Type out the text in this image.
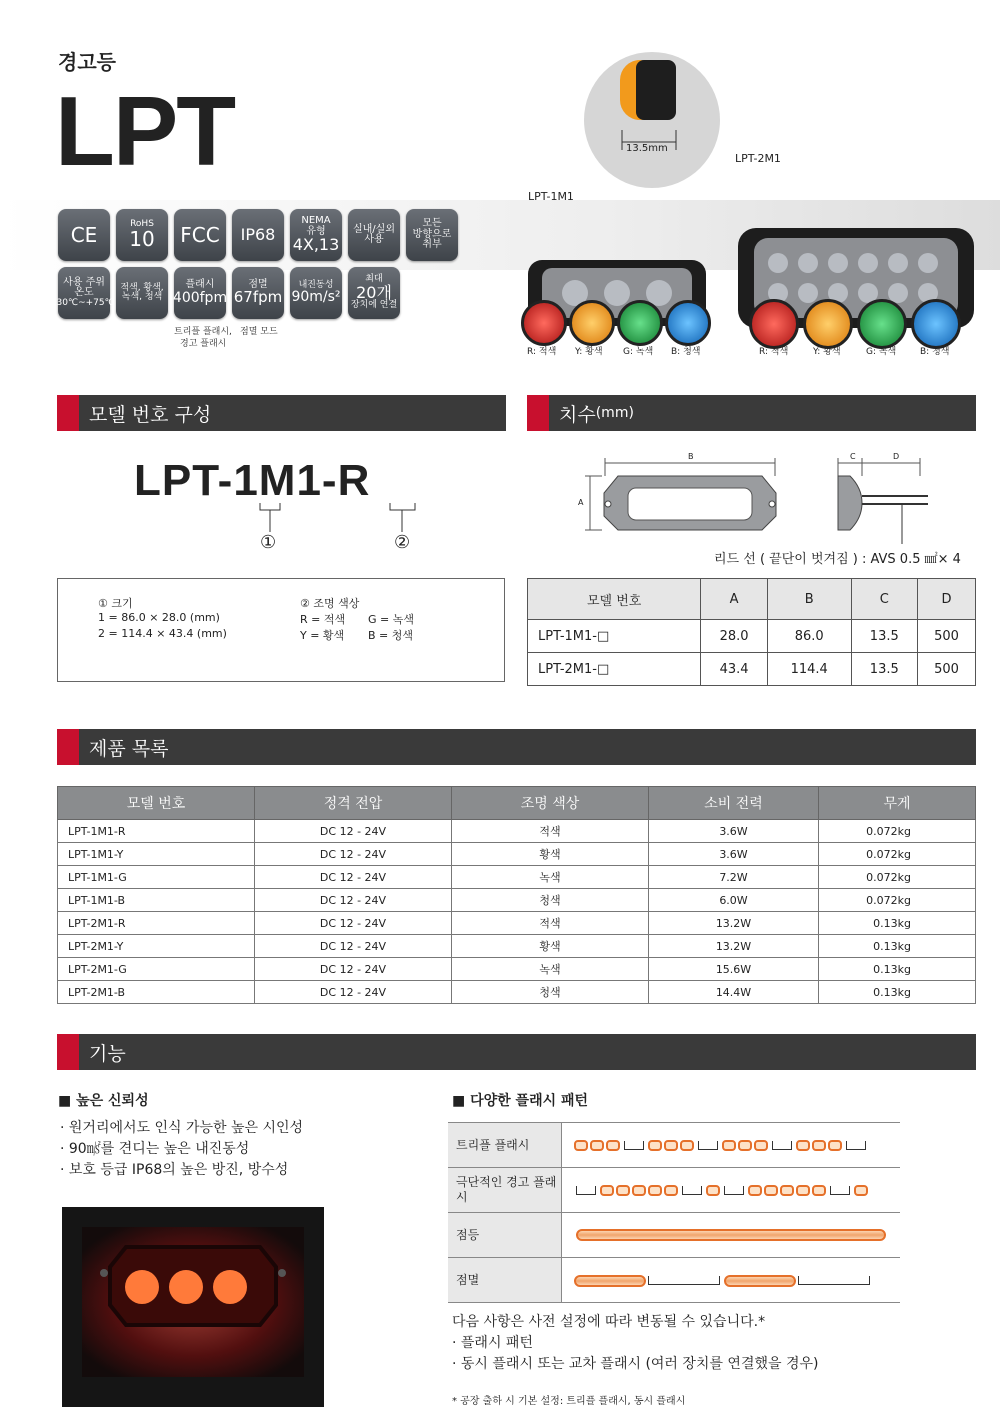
경고등
LPT
CE	RoHS
10 FCC IP68
NEMA
유형
4X,13
실내/실외
사용
모든
방향으로
취부
사용 주위
온도
-30℃~+75℃
적색, 황색,
녹색, 청색
플래시
400fpm
점멸
67fpm
내진동성
90m/s²
최대
20개
장치에 연결
트리플 플래시,
경고 플래시
점멸 모드
13.5mm
LPT-1M1
LPT-2M1
R: 적색 Y: 황색 G: 녹색 B: 청색	R: 적색	Y: 황색	G: 녹색	B: 청색
모델 번호 구성	치수 (mm)
LPT-1M1-R
①	②
① 크기
1 = 86.0 × 28.0 (mm)
2 = 114.4 × 43.4 (mm)
② 조명 색상
R = 적색 G = 녹색
Y = 황색 B = 청색
B
A
C	D
리드 선 ( 끝단이 벗겨짐 ) : AVS 0.5 ㎟× 4
모델 번호	A	B	C	D
LPT-1M1-□	28.0	86.0	13.5	500
LPT-2M1-□	43.4	114.4	13.5	500
제품 목록
모델 번호	정격 전압	조명 색상	소비 전력	무게
LPT-1M1-R	DC 12 - 24V	적색	3.6W	0.072kg
LPT-1M1-Y	DC 12 - 24V	황색	3.6W	0.072kg
LPT-1M1-G	DC 12 - 24V	녹색	7.2W	0.072kg
LPT-1M1-B	DC 12 - 24V	청색	6.0W	0.072kg
LPT-2M1-R	DC 12 - 24V	적색	13.2W	0.13kg
LPT-2M1-Y	DC 12 - 24V	황색	13.2W	0.13kg
LPT-2M1-G	DC 12 - 24V	녹색	15.6W	0.13kg
LPT-2M1-B	DC 12 - 24V	청색	14.4W	0.13kg
기능
■ 높은 신뢰성
· 원거리에서도 인식 가능한 높은 시인성
· 90㎨를 견디는 높은 내진동성
· 보호 등급 IP68의 높은 방진, 방수성
■ 다양한 플래시 패턴
트리플 플래시	
극단적인 경고 플래시	
점등	

점멸	
다음 사항은 사전 설정에 따라 변동될 수 있습니다.*
· 플래시 패턴
· 동시 플래시 또는 교차 플래시 (여러 장치를 연결했을 경우)
* 공장 출하 시 기본 설정: 트리플 플래시, 동시 플래시
